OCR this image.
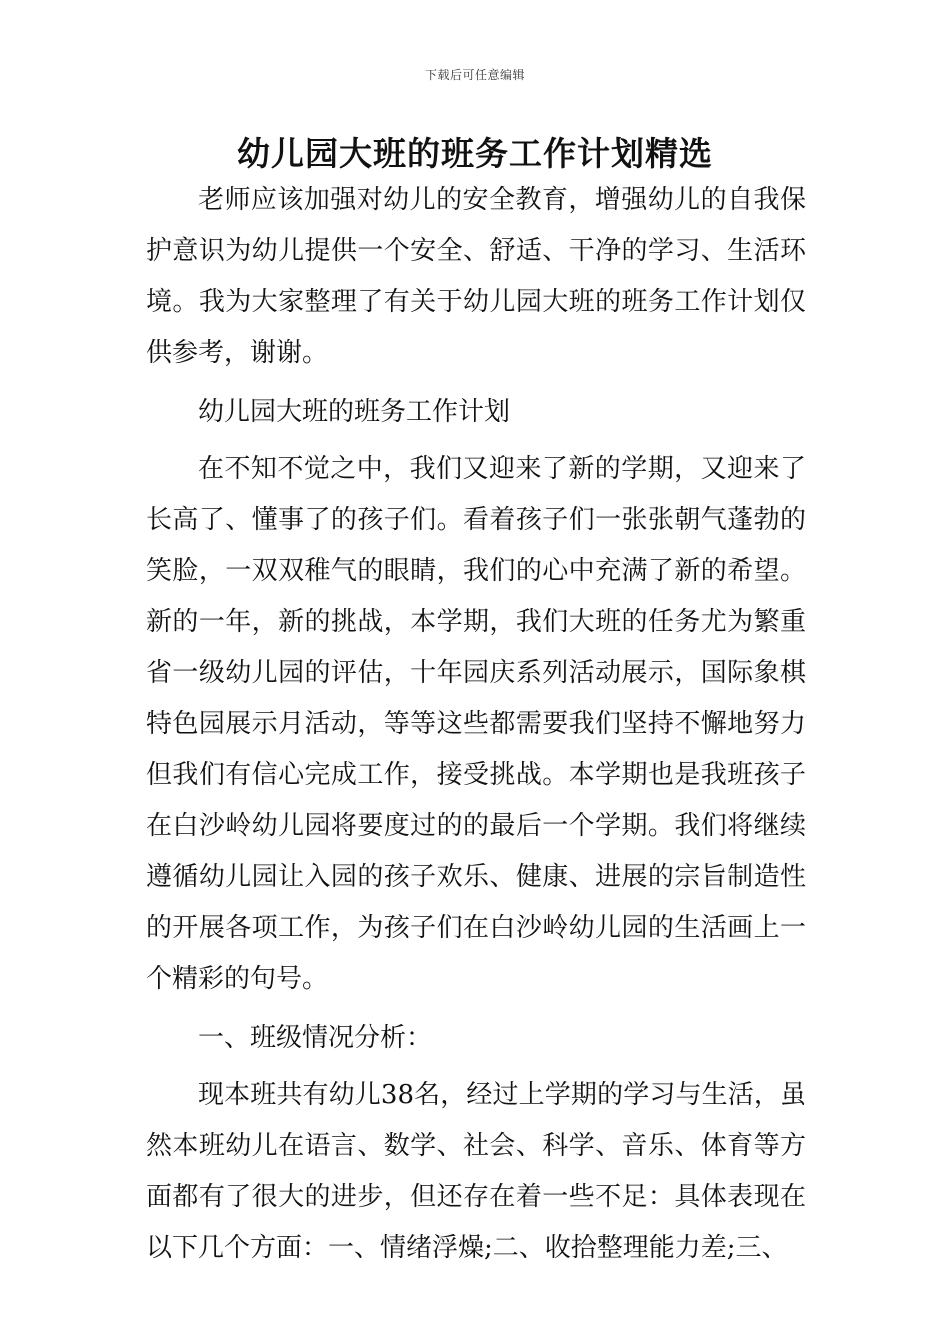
下载后可任意编辑
幼儿园大班的班务工作计划精选

老师应该加强对幼儿的安全教育，增强幼儿的自我保护意识为幼儿提供一个安全、舒适、干净的学习、生活环境。我为大家整理了有关于幼儿园大班的班务工作计划仅供参考，谢谢。

幼儿园大班的班务工作计划

在不知不觉之中，我们又迎来了新的学期，又迎来了长高了、懂事了的孩子们。看着孩子们一张张朝气蓬勃的笑脸，一双双稚气的眼睛，我们的心中充满了新的希望。新的一年，新的挑战，本学期，我们大班的任务尤为繁重省一级幼儿园的评估，十年园庆系列活动展示，国际象棋特色园展示月活动，等等这些都需要我们坚持不懈地努力但我们有信心完成工作，接受挑战。本学期也是我班孩子在白沙岭幼儿园将要度过的的最后一个学期。我们将继续遵循幼儿园让入园的孩子欢乐、健康、进展的宗旨制造性的开展各项工作，为孩子们在白沙岭幼儿园的生活画上一个精彩的句号。

一、班级情况分析：

现本班共有幼儿38名，经过上学期的学习与生活，虽然本班幼儿在语言、数学、社会、科学、音乐、体育等方面都有了很大的进步，但还存在着一些不足：具体表现在以下几个方面：一、情绪浮燥;二、收拾整理能力差;三、
